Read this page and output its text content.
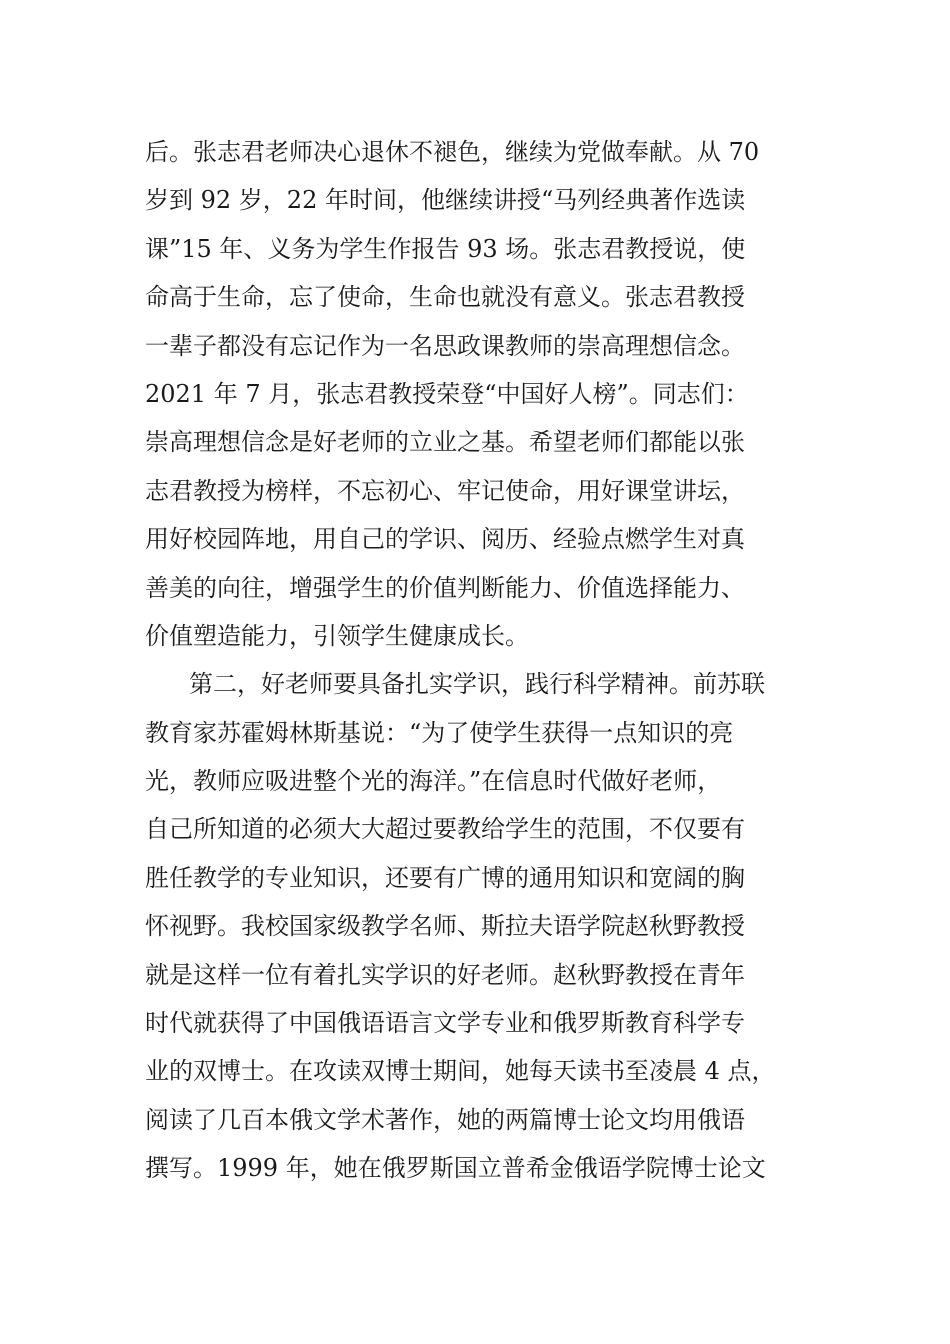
后。张志君老师决心退休不褪色，继续为党做奉献。从 70
岁到 92 岁，22 年时间，他继续讲授“马列经典著作选读
课”15 年、义务为学生作报告 93 场。张志君教授说，使
命高于生命，忘了使命，生命也就没有意义。张志君教授
一辈子都没有忘记作为一名思政课教师的崇高理想信念。
2021 年 7 月，张志君教授荣登“中国好人榜”。同志们：
崇高理想信念是好老师的立业之基。希望老师们都能以张
志君教授为榜样，不忘初心、牢记使命，用好课堂讲坛，
用好校园阵地，用自己的学识、阅历、经验点燃学生对真
善美的向往，增强学生的价值判断能力、价值选择能力、
价值塑造能力，引领学生健康成长。
第二，好老师要具备扎实学识，践行科学精神。前苏联
教育家苏霍姆林斯基说：“为了使学生获得一点知识的亮
光，教师应吸进整个光的海洋。”在信息时代做好老师，
自己所知道的必须大大超过要教给学生的范围，不仅要有
胜任教学的专业知识，还要有广博的通用知识和宽阔的胸
怀视野。我校国家级教学名师、斯拉夫语学院赵秋野教授
就是这样一位有着扎实学识的好老师。赵秋野教授在青年
时代就获得了中国俄语语言文学专业和俄罗斯教育科学专
业的双博士。在攻读双博士期间，她每天读书至凌晨 4 点，
阅读了几百本俄文学术著作，她的两篇博士论文均用俄语
撰写。1999 年，她在俄罗斯国立普希金俄语学院博士论文
